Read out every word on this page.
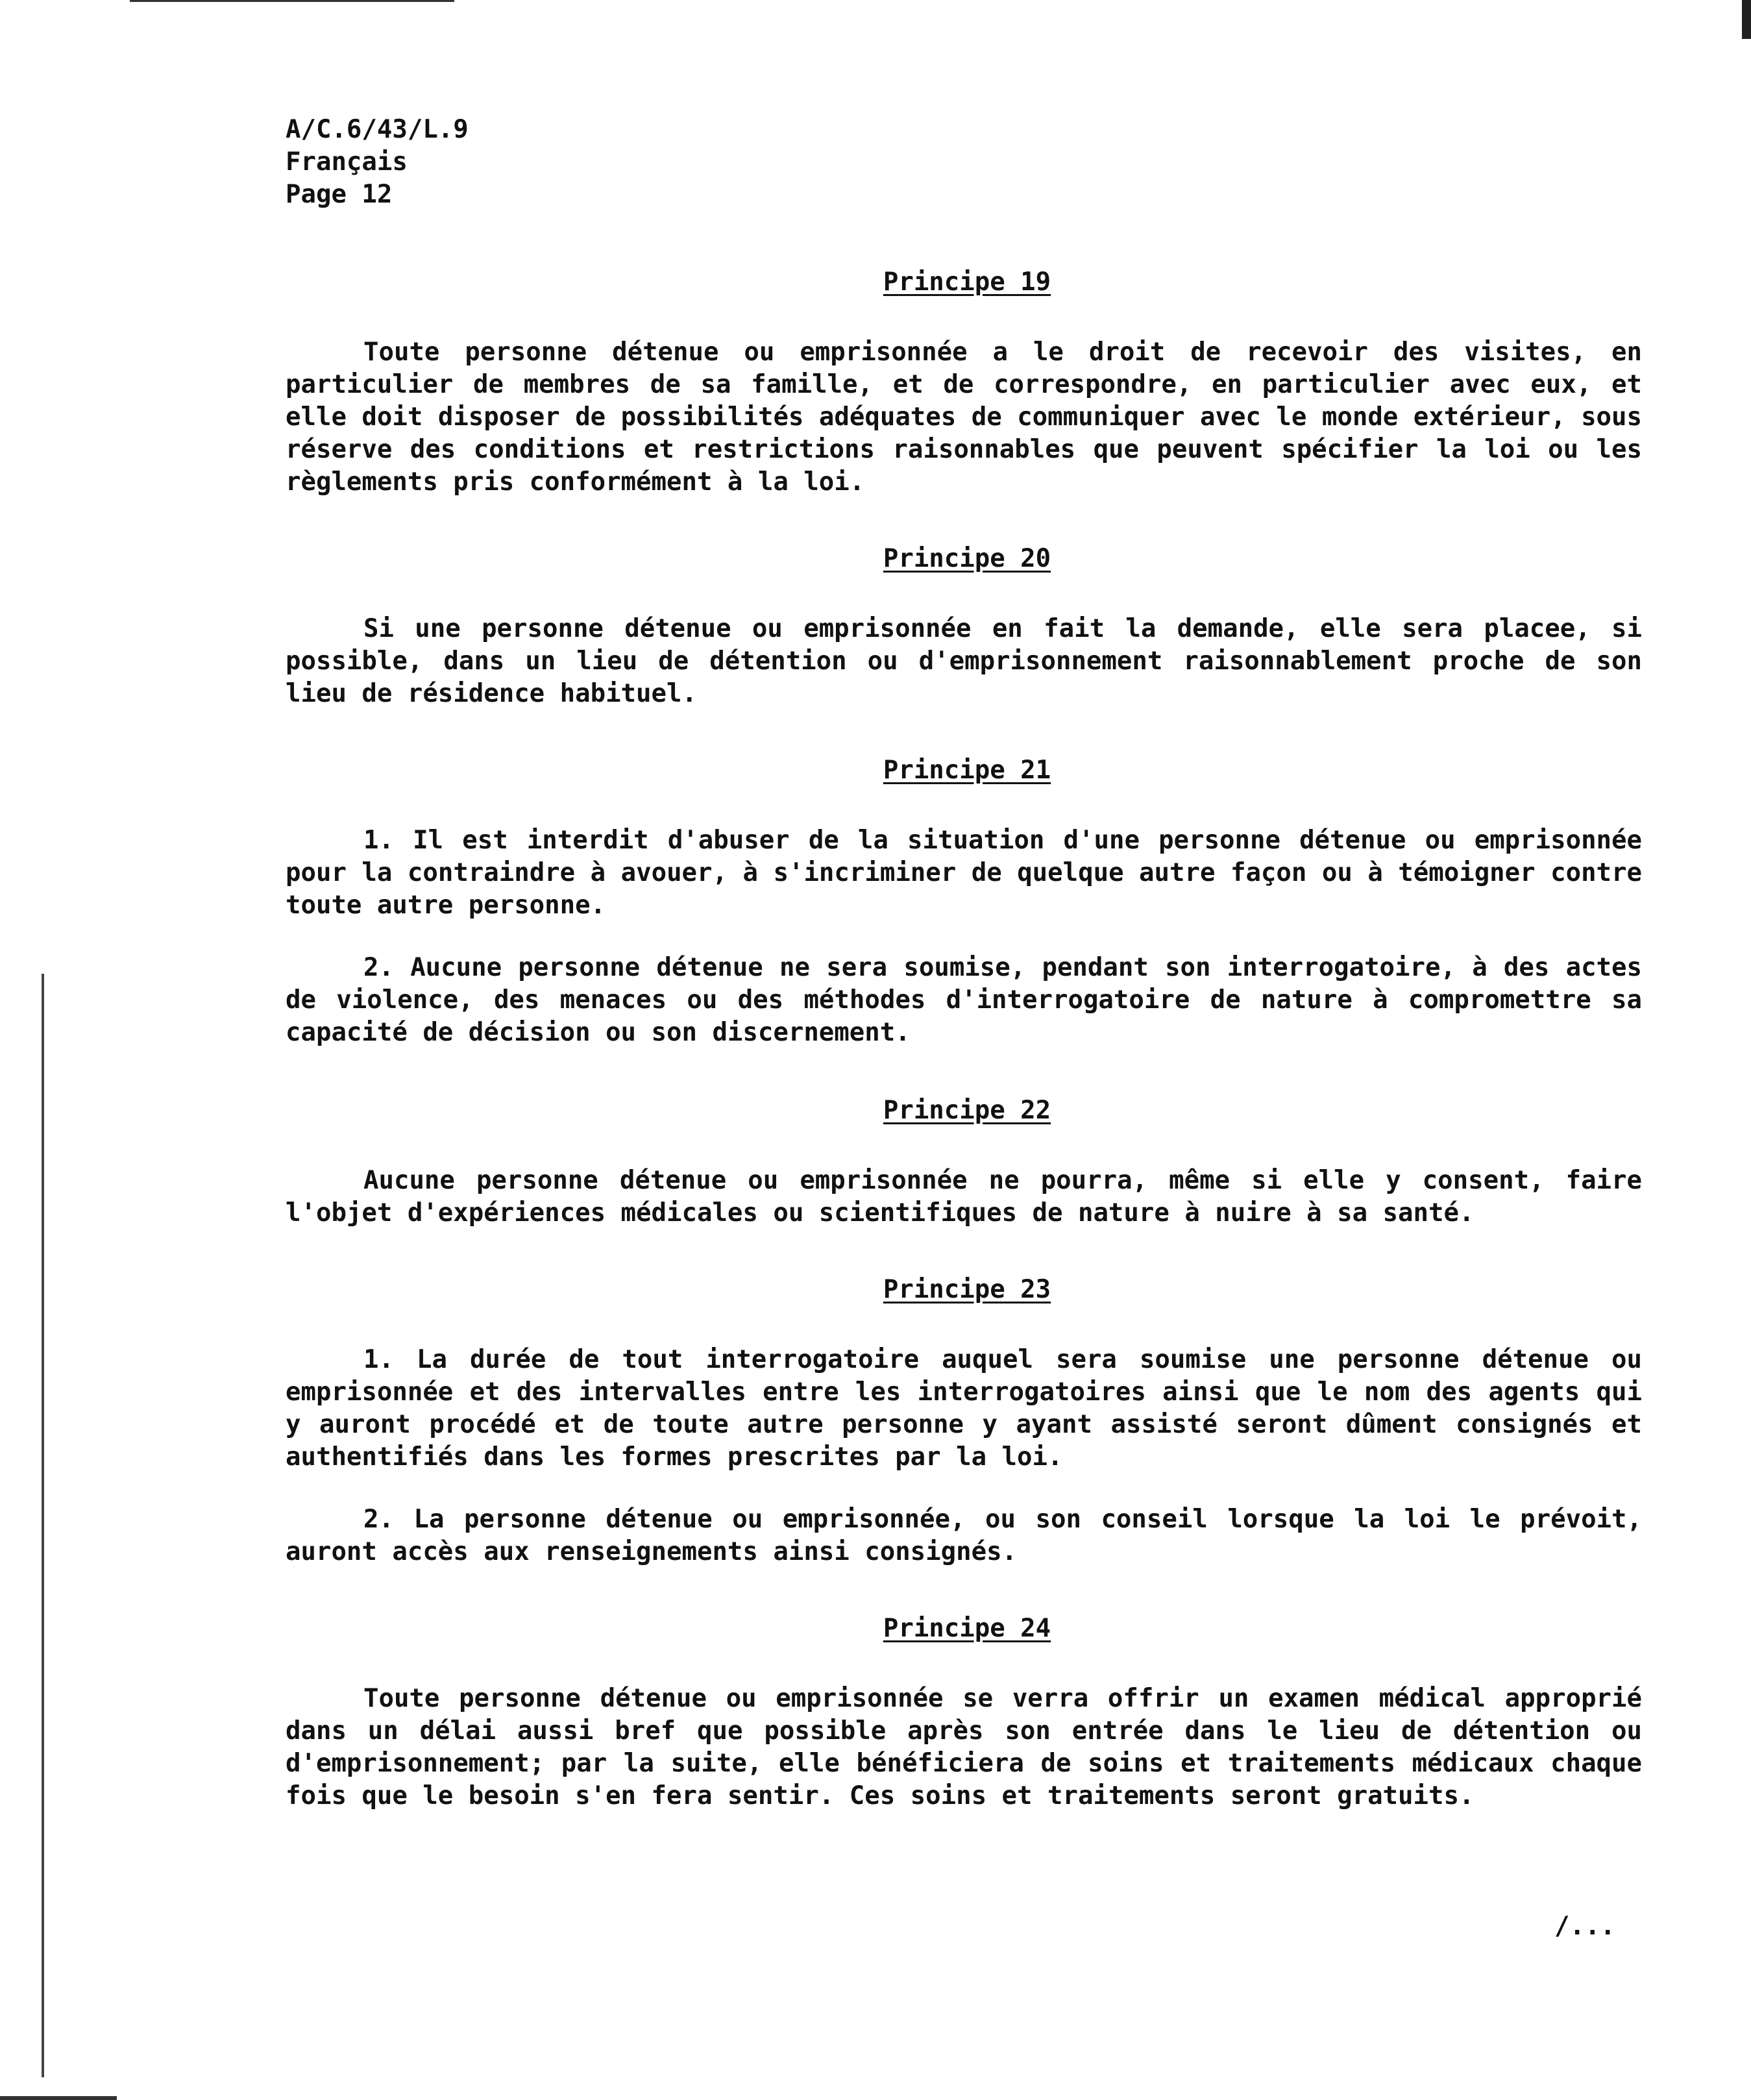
A/C.6/43/L.9
Français
Page 12

Principe 19

Toute personne détenue ou emprisonnée a le droit de recevoir des visites, en particulier de membres de sa famille, et de correspondre, en particulier avec eux, et elle doit disposer de possibilités adéquates de communiquer avec le monde extérieur, sous réserve des conditions et restrictions raisonnables que peuvent spécifier la loi ou les règlements pris conformément à la loi.

Principe 20

Si une personne détenue ou emprisonnée en fait la demande, elle sera placee, si possible, dans un lieu de détention ou d'emprisonnement raisonnablement proche de son lieu de résidence habituel.

Principe 21

1. Il est interdit d'abuser de la situation d'une personne détenue ou emprisonnée pour la contraindre à avouer, à s'incriminer de quelque autre façon ou à témoigner contre toute autre personne.

2. Aucune personne détenue ne sera soumise, pendant son interrogatoire, à des actes de violence, des menaces ou des méthodes d'interrogatoire de nature à compromettre sa capacité de décision ou son discernement.

Principe 22

Aucune personne détenue ou emprisonnée ne pourra, même si elle y consent, faire l'objet d'expériences médicales ou scientifiques de nature à nuire à sa santé.

Principe 23

1. La durée de tout interrogatoire auquel sera soumise une personne détenue ou emprisonnée et des intervalles entre les interrogatoires ainsi que le nom des agents qui y auront procédé et de toute autre personne y ayant assisté seront dûment consignés et authentifiés dans les formes prescrites par la loi.

2. La personne détenue ou emprisonnée, ou son conseil lorsque la loi le prévoit, auront accès aux renseignements ainsi consignés.

Principe 24

Toute personne détenue ou emprisonnée se verra offrir un examen médical approprié dans un délai aussi bref que possible après son entrée dans le lieu de détention ou d'emprisonnement; par la suite, elle bénéficiera de soins et traitements médicaux chaque fois que le besoin s'en fera sentir. Ces soins et traitements seront gratuits.

/...
